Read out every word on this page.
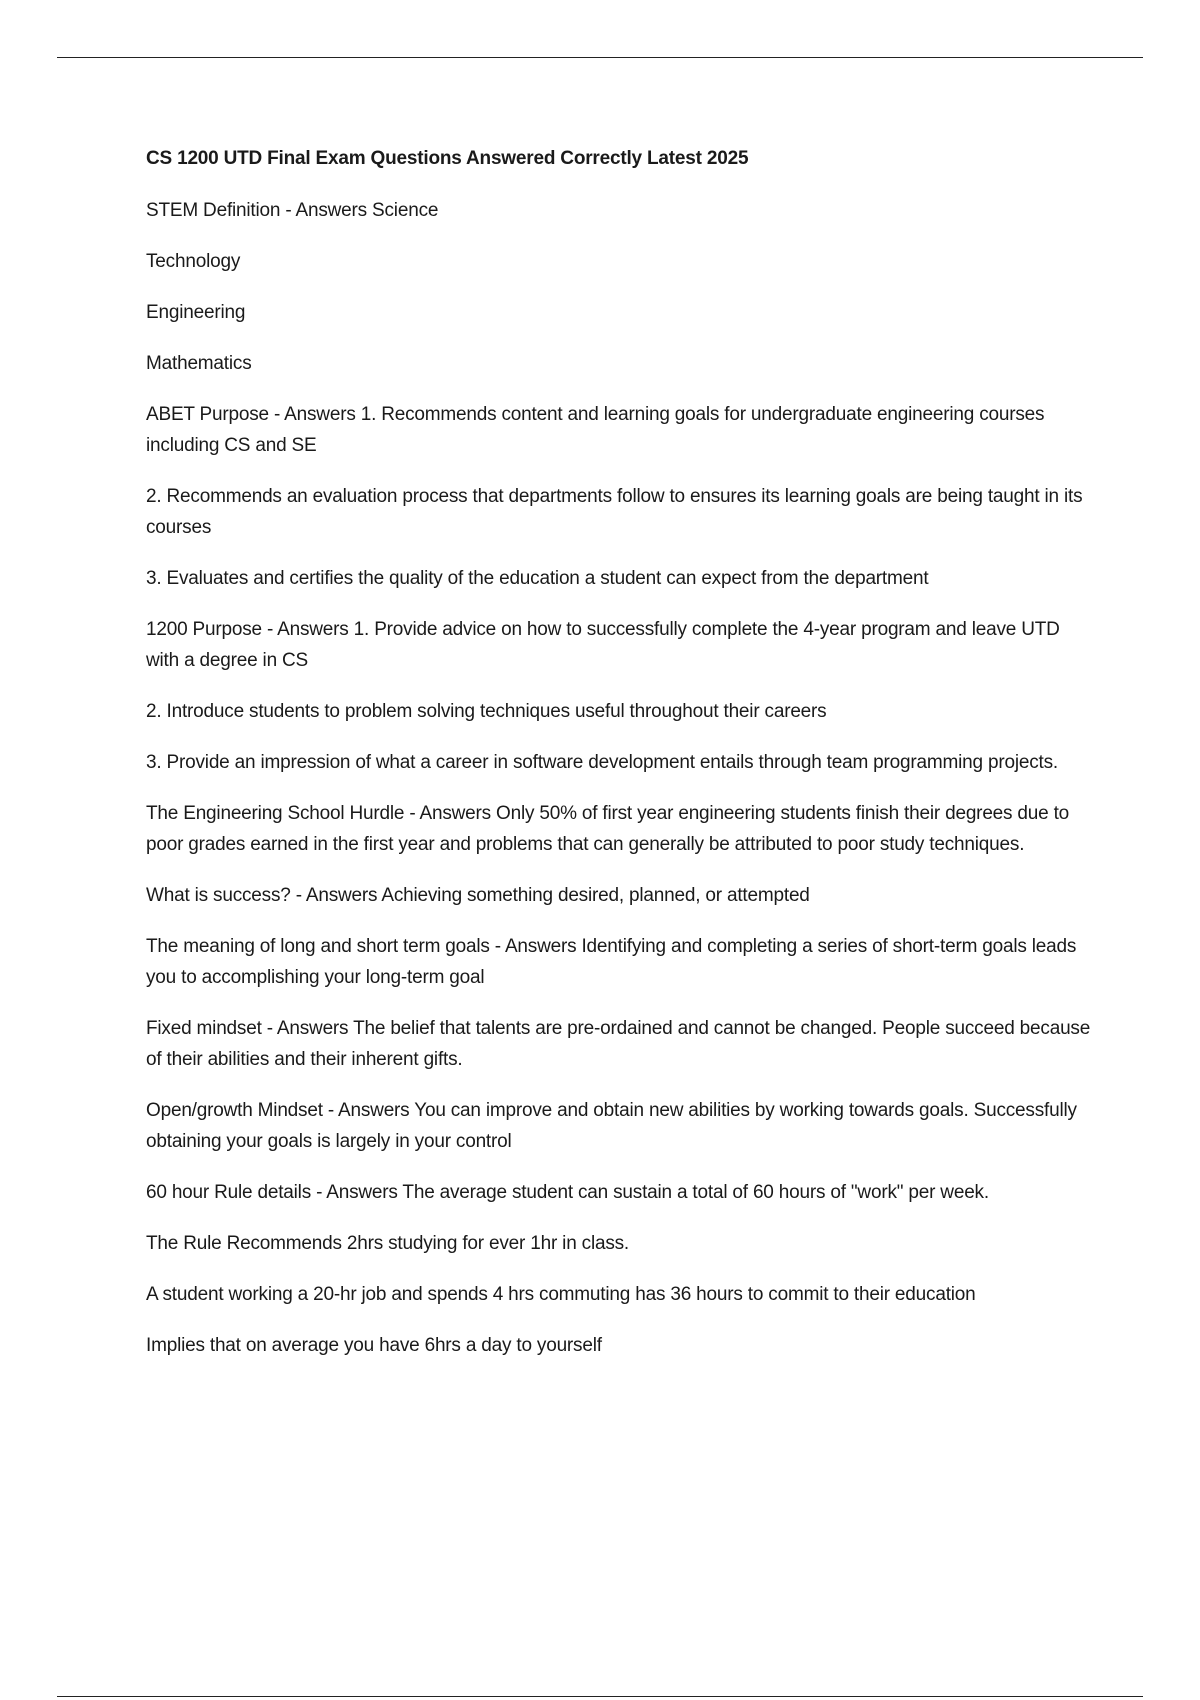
CS 1200 UTD Final Exam Questions Answered Correctly Latest 2025
STEM Definition - Answers Science
Technology
Engineering
Mathematics
ABET Purpose - Answers 1. Recommends content and learning goals for undergraduate engineering courses including CS and SE
2. Recommends an evaluation process that departments follow to ensures its learning goals are being taught in its courses
3. Evaluates and certifies the quality of the education a student can expect from the department
1200 Purpose - Answers 1. Provide advice on how to successfully complete the 4-year program and leave UTD with a degree in CS
2. Introduce students to problem solving techniques useful throughout their careers
3. Provide an impression of what a career in software development entails through team programming projects.
The Engineering School Hurdle - Answers Only 50% of first year engineering students finish their degrees due to poor grades earned in the first year and problems that can generally be attributed to poor study techniques.
What is success? - Answers Achieving something desired, planned, or attempted
The meaning of long and short term goals - Answers Identifying and completing a series of short-term goals leads you to accomplishing your long-term goal
Fixed mindset - Answers The belief that talents are pre-ordained and cannot be changed. People succeed because of their abilities and their inherent gifts.
Open/growth Mindset - Answers You can improve and obtain new abilities by working towards goals. Successfully obtaining your goals is largely in your control
60 hour Rule details - Answers The average student can sustain a total of 60 hours of "work" per week.
The Rule Recommends 2hrs studying for ever 1hr in class.
A student working a 20-hr job and spends 4 hrs commuting has 36 hours to commit to their education
Implies that on average you have 6hrs a day to yourself
